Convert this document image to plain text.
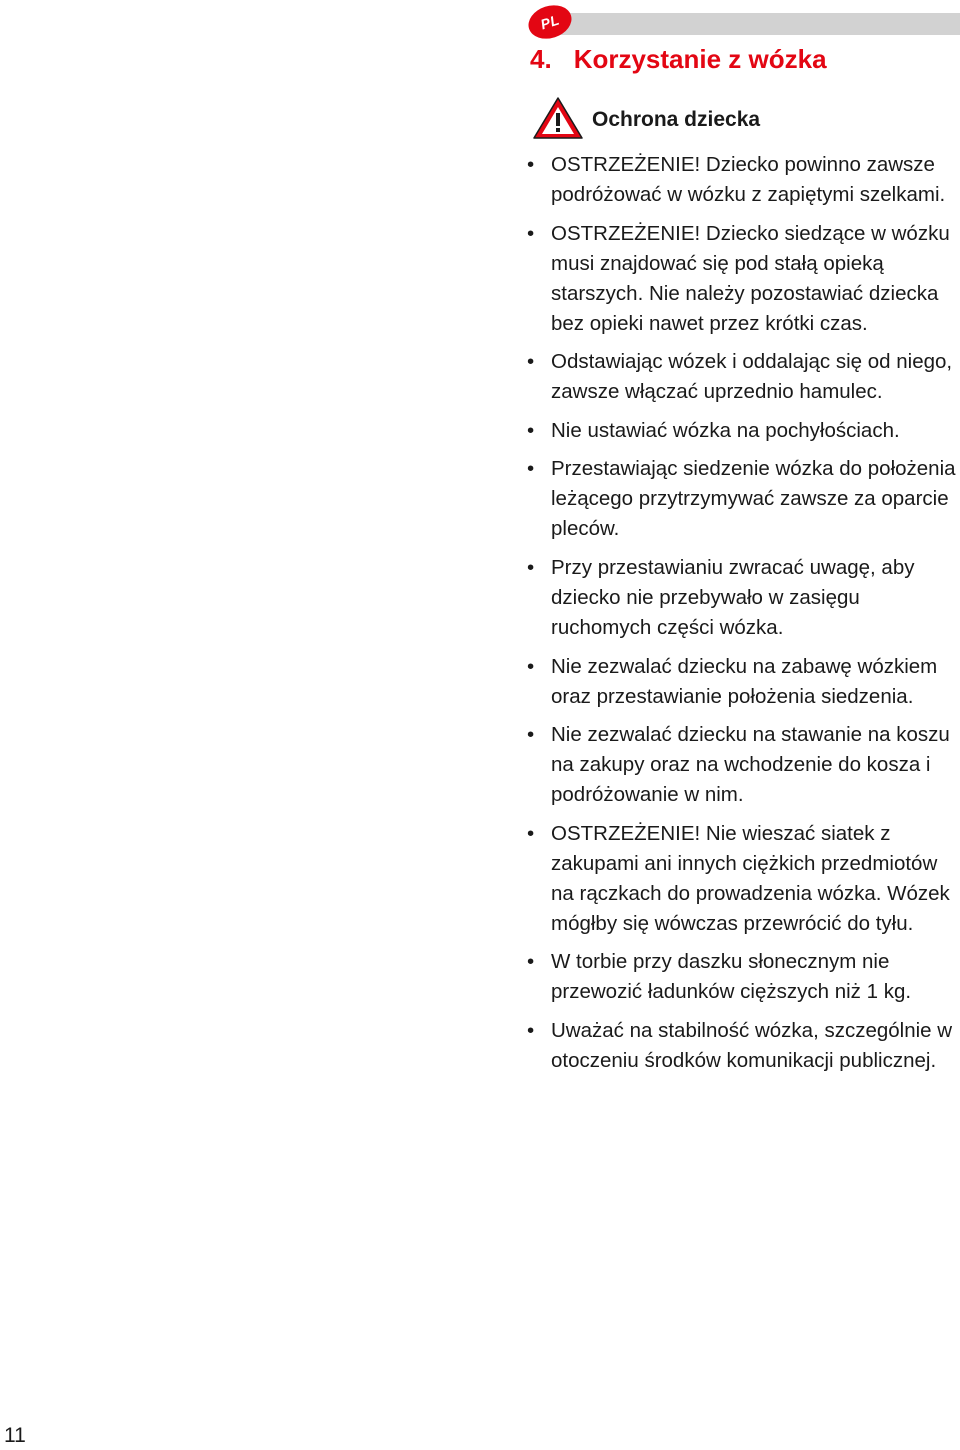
PL
4. Korzystanie z wózka
Ochrona dziecka
• OSTRZEŻENIE! Dziecko powinno zawsze podróżować w wózku z zapiętymi szelkami.
• OSTRZEŻENIE! Dziecko siedzące w wózku musi znajdować się pod stałą opieką starszych. Nie należy pozostawiać dziecka bez opieki nawet przez krótki czas.
• Odstawiając wózek i oddalając się od niego, zawsze włączać uprzednio hamulec.
• Nie ustawiać wózka na pochyłościach.
• Przestawiając siedzenie wózka do położenia leżącego przytrzymywać zawsze za oparcie pleców.
• Przy przestawianiu zwracać uwagę, aby dziecko nie przebywało w zasięgu ruchomych części wózka.
• Nie zezwalać dziecku na zabawę wózkiem oraz przestawianie położenia siedzenia.
• Nie zezwalać dziecku na stawanie na koszu na zakupy oraz na wchodzenie do kosza i podróżowanie w nim.
• OSTRZEŻENIE! Nie wieszać siatek z zakupami ani innych ciężkich przedmiotów na rączkach do prowadzenia wózka. Wózek mógłby się wówczas przewrócić do tyłu.
• W torbie przy daszku słonecznym nie przewozić ładunków cięższych niż 1 kg.
• Uważać na stabilność wózka, szczególnie w otoczeniu środków komunikacji publicznej.
11
